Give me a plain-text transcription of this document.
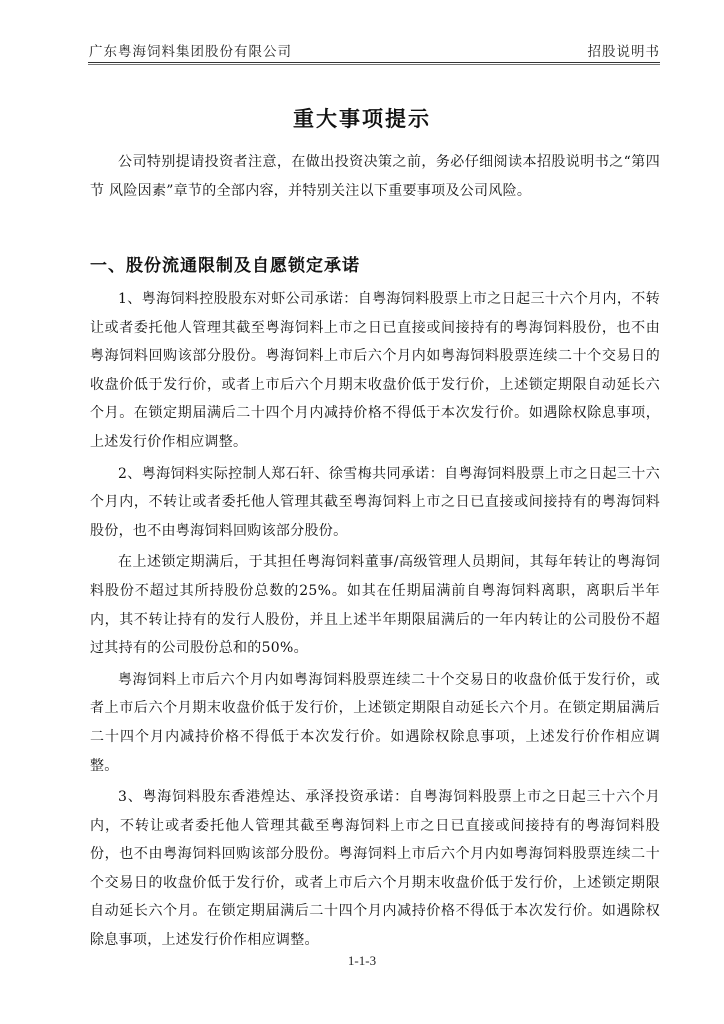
广东粤海饲料集团股份有限公司	招股说明书
重大事项提示

公司特别提请投资者注意，在做出投资决策之前，务必仔细阅读本招股说明书之“第四节 风险因素”章节的全部内容，并特别关注以下重要事项及公司风险。

一、股份流通限制及自愿锁定承诺

1、粤海饲料控股股东对虾公司承诺：自粤海饲料股票上市之日起三十六个月内，不转让或者委托他人管理其截至粤海饲料上市之日已直接或间接持有的粤海饲料股份，也不由粤海饲料回购该部分股份。粤海饲料上市后六个月内如粤海饲料股票连续二十个交易日的收盘价低于发行价，或者上市后六个月期末收盘价低于发行价，上述锁定期限自动延长六个月。在锁定期届满后二十四个月内减持价格不得低于本次发行价。如遇除权除息事项，上述发行价作相应调整。

2、粤海饲料实际控制人郑石轩、徐雪梅共同承诺：自粤海饲料股票上市之日起三十六个月内，不转让或者委托他人管理其截至粤海饲料上市之日已直接或间接持有的粤海饲料股份，也不由粤海饲料回购该部分股份。

在上述锁定期满后，于其担任粤海饲料董事/高级管理人员期间，其每年转让的粤海饲料股份不超过其所持股份总数的25%。如其在任期届满前自粤海饲料离职，离职后半年内，其不转让持有的发行人股份，并且上述半年期限届满后的一年内转让的公司股份不超过其持有的公司股份总和的50%。

粤海饲料上市后六个月内如粤海饲料股票连续二十个交易日的收盘价低于发行价，或者上市后六个月期末收盘价低于发行价，上述锁定期限自动延长六个月。在锁定期届满后二十四个月内减持价格不得低于本次发行价。如遇除权除息事项，上述发行价作相应调整。

3、粤海饲料股东香港煌达、承泽投资承诺：自粤海饲料股票上市之日起三十六个月内，不转让或者委托他人管理其截至粤海饲料上市之日已直接或间接持有的粤海饲料股份，也不由粤海饲料回购该部分股份。粤海饲料上市后六个月内如粤海饲料股票连续二十个交易日的收盘价低于发行价，或者上市后六个月期末收盘价低于发行价，上述锁定期限自动延长六个月。在锁定期届满后二十四个月内减持价格不得低于本次发行价。如遇除权除息事项，上述发行价作相应调整。

1-1-3
